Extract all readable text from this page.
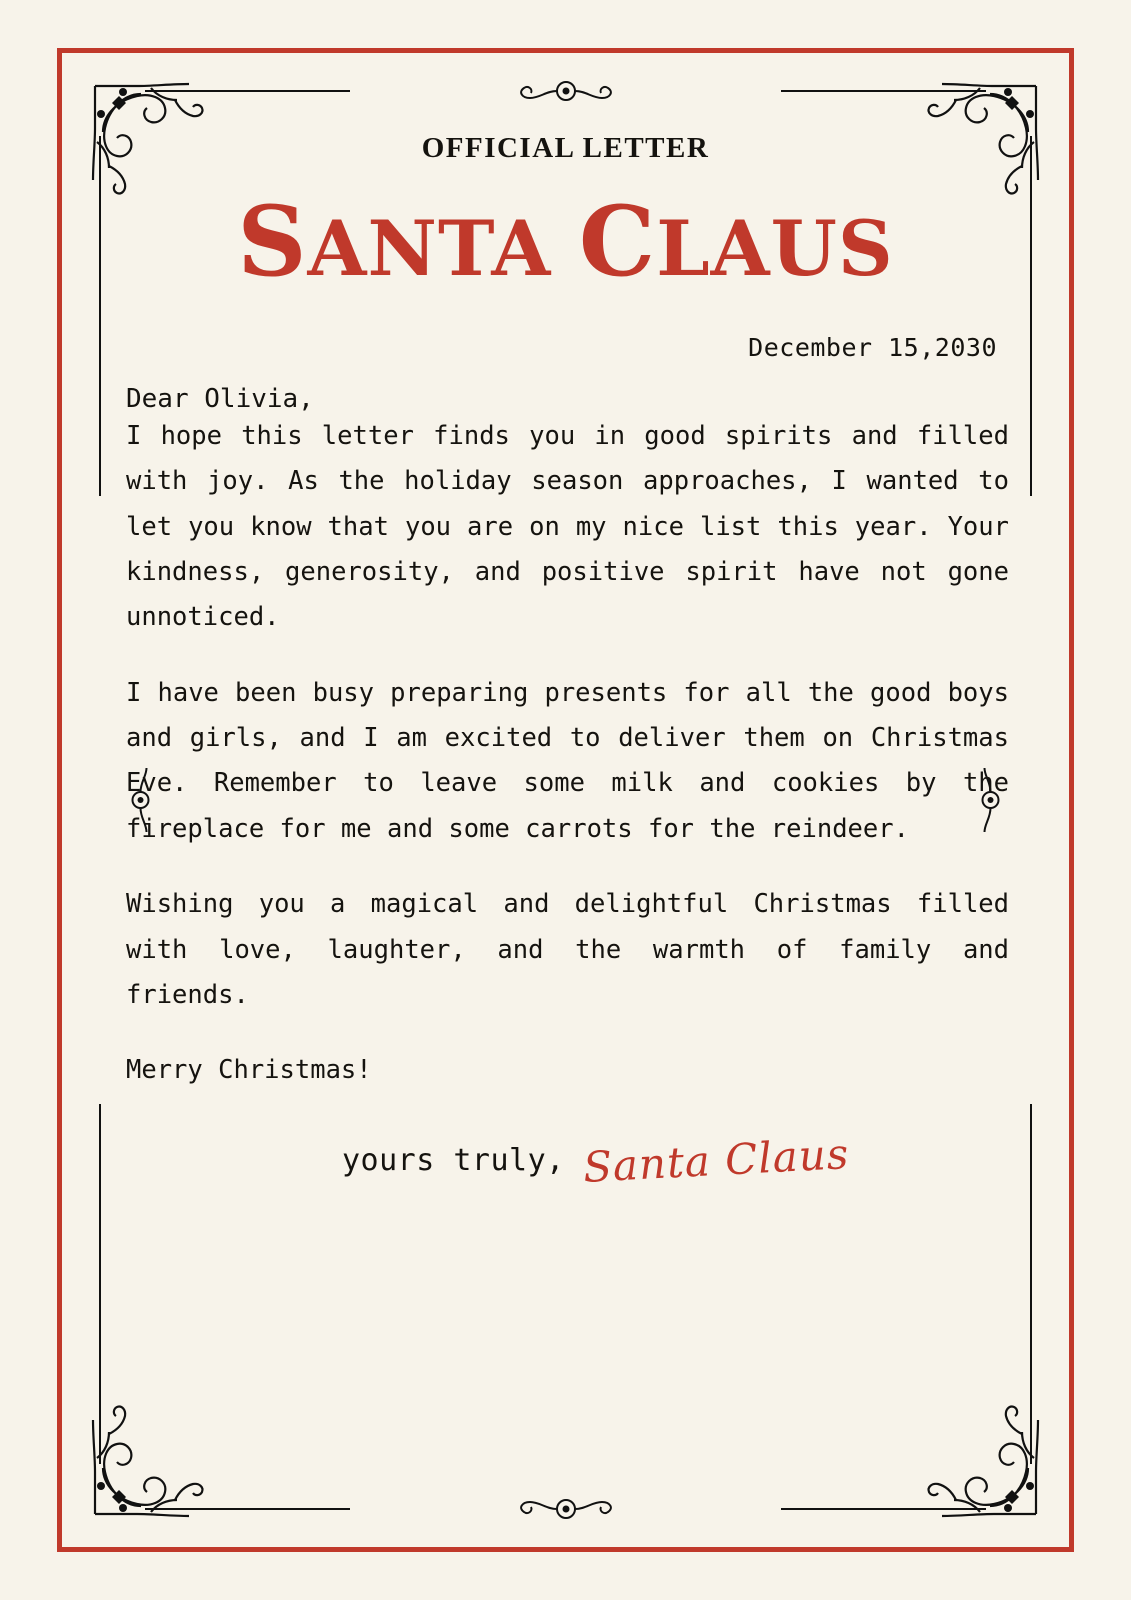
OFFICIAL LETTER
SANTA CLAUS
December 15,2030
Dear Olivia,

I hope this letter finds you in good spirits and filled with joy. As the holiday season approaches, I wanted to let you know that you are on my nice list this year. Your kindness, generosity, and positive spirit have not gone unnoticed.

I have been busy preparing presents for all the good boys and girls, and I am excited to deliver them on Christmas Eve. Remember to leave some milk and cookies by the fireplace for me and some carrots for the reindeer.

Wishing you a magical and delightful Christmas filled with love, laughter, and the warmth of family and friends.

Merry Christmas!

yours truly, Santa Claus
